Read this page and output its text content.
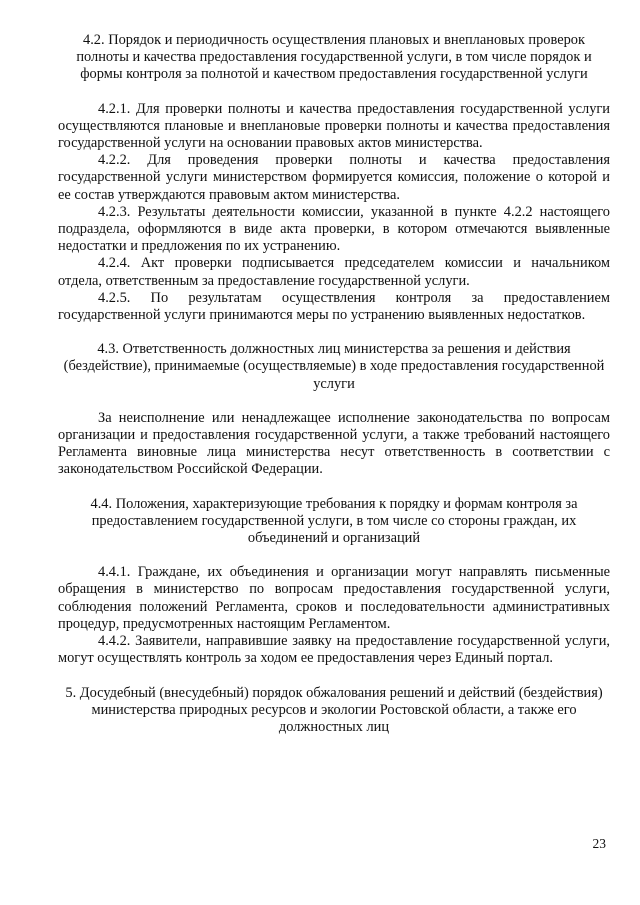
4.2. Порядок и периодичность осуществления плановых и внеплановых проверок полноты и качества предоставления государственной услуги, в том числе порядок и формы контроля за полнотой и качеством предоставления государственной услуги

4.2.1. Для проверки полноты и качества предоставления государственной услуги осуществляются плановые и внеплановые проверки полноты и качества предоставления государственной услуги на основании правовых актов министерства.

4.2.2. Для проведения проверки полноты и качества предоставления государственной услуги министерством формируется комиссия, положение о которой и ее состав утверждаются правовым актом министерства.

4.2.3. Результаты деятельности комиссии, указанной в пункте 4.2.2 настоящего подраздела, оформляются в виде акта проверки, в котором отмечаются выявленные недостатки и предложения по их устранению.

4.2.4. Акт проверки подписывается председателем комиссии и начальником отдела, ответственным за предоставление государственной услуги.

4.2.5. По результатам осуществления контроля за предоставлением государственной услуги принимаются меры по устранению выявленных недостатков.

4.3. Ответственность должностных лиц министерства за решения и действия (бездействие), принимаемые (осуществляемые) в ходе предоставления государственной услуги

За неисполнение или ненадлежащее исполнение законодательства по вопросам организации и предоставления государственной услуги, а также требований настоящего Регламента виновные лица министерства несут ответственность в соответствии с законодательством Российской Федерации.

4.4. Положения, характеризующие требования к порядку и формам контроля за предоставлением государственной услуги, в том числе со стороны граждан, их объединений и организаций

4.4.1. Граждане, их объединения и организации могут направлять письменные обращения в министерство по вопросам предоставления государственной услуги, соблюдения положений Регламента, сроков и последовательности административных процедур, предусмотренных настоящим Регламентом.

4.4.2. Заявители, направившие заявку на предоставление государственной услуги, могут осуществлять контроль за ходом ее предоставления через Единый портал.

5. Досудебный (внесудебный) порядок обжалования решений и действий (бездействия) министерства природных ресурсов и экологии Ростовской области, а также его должностных лиц

23
